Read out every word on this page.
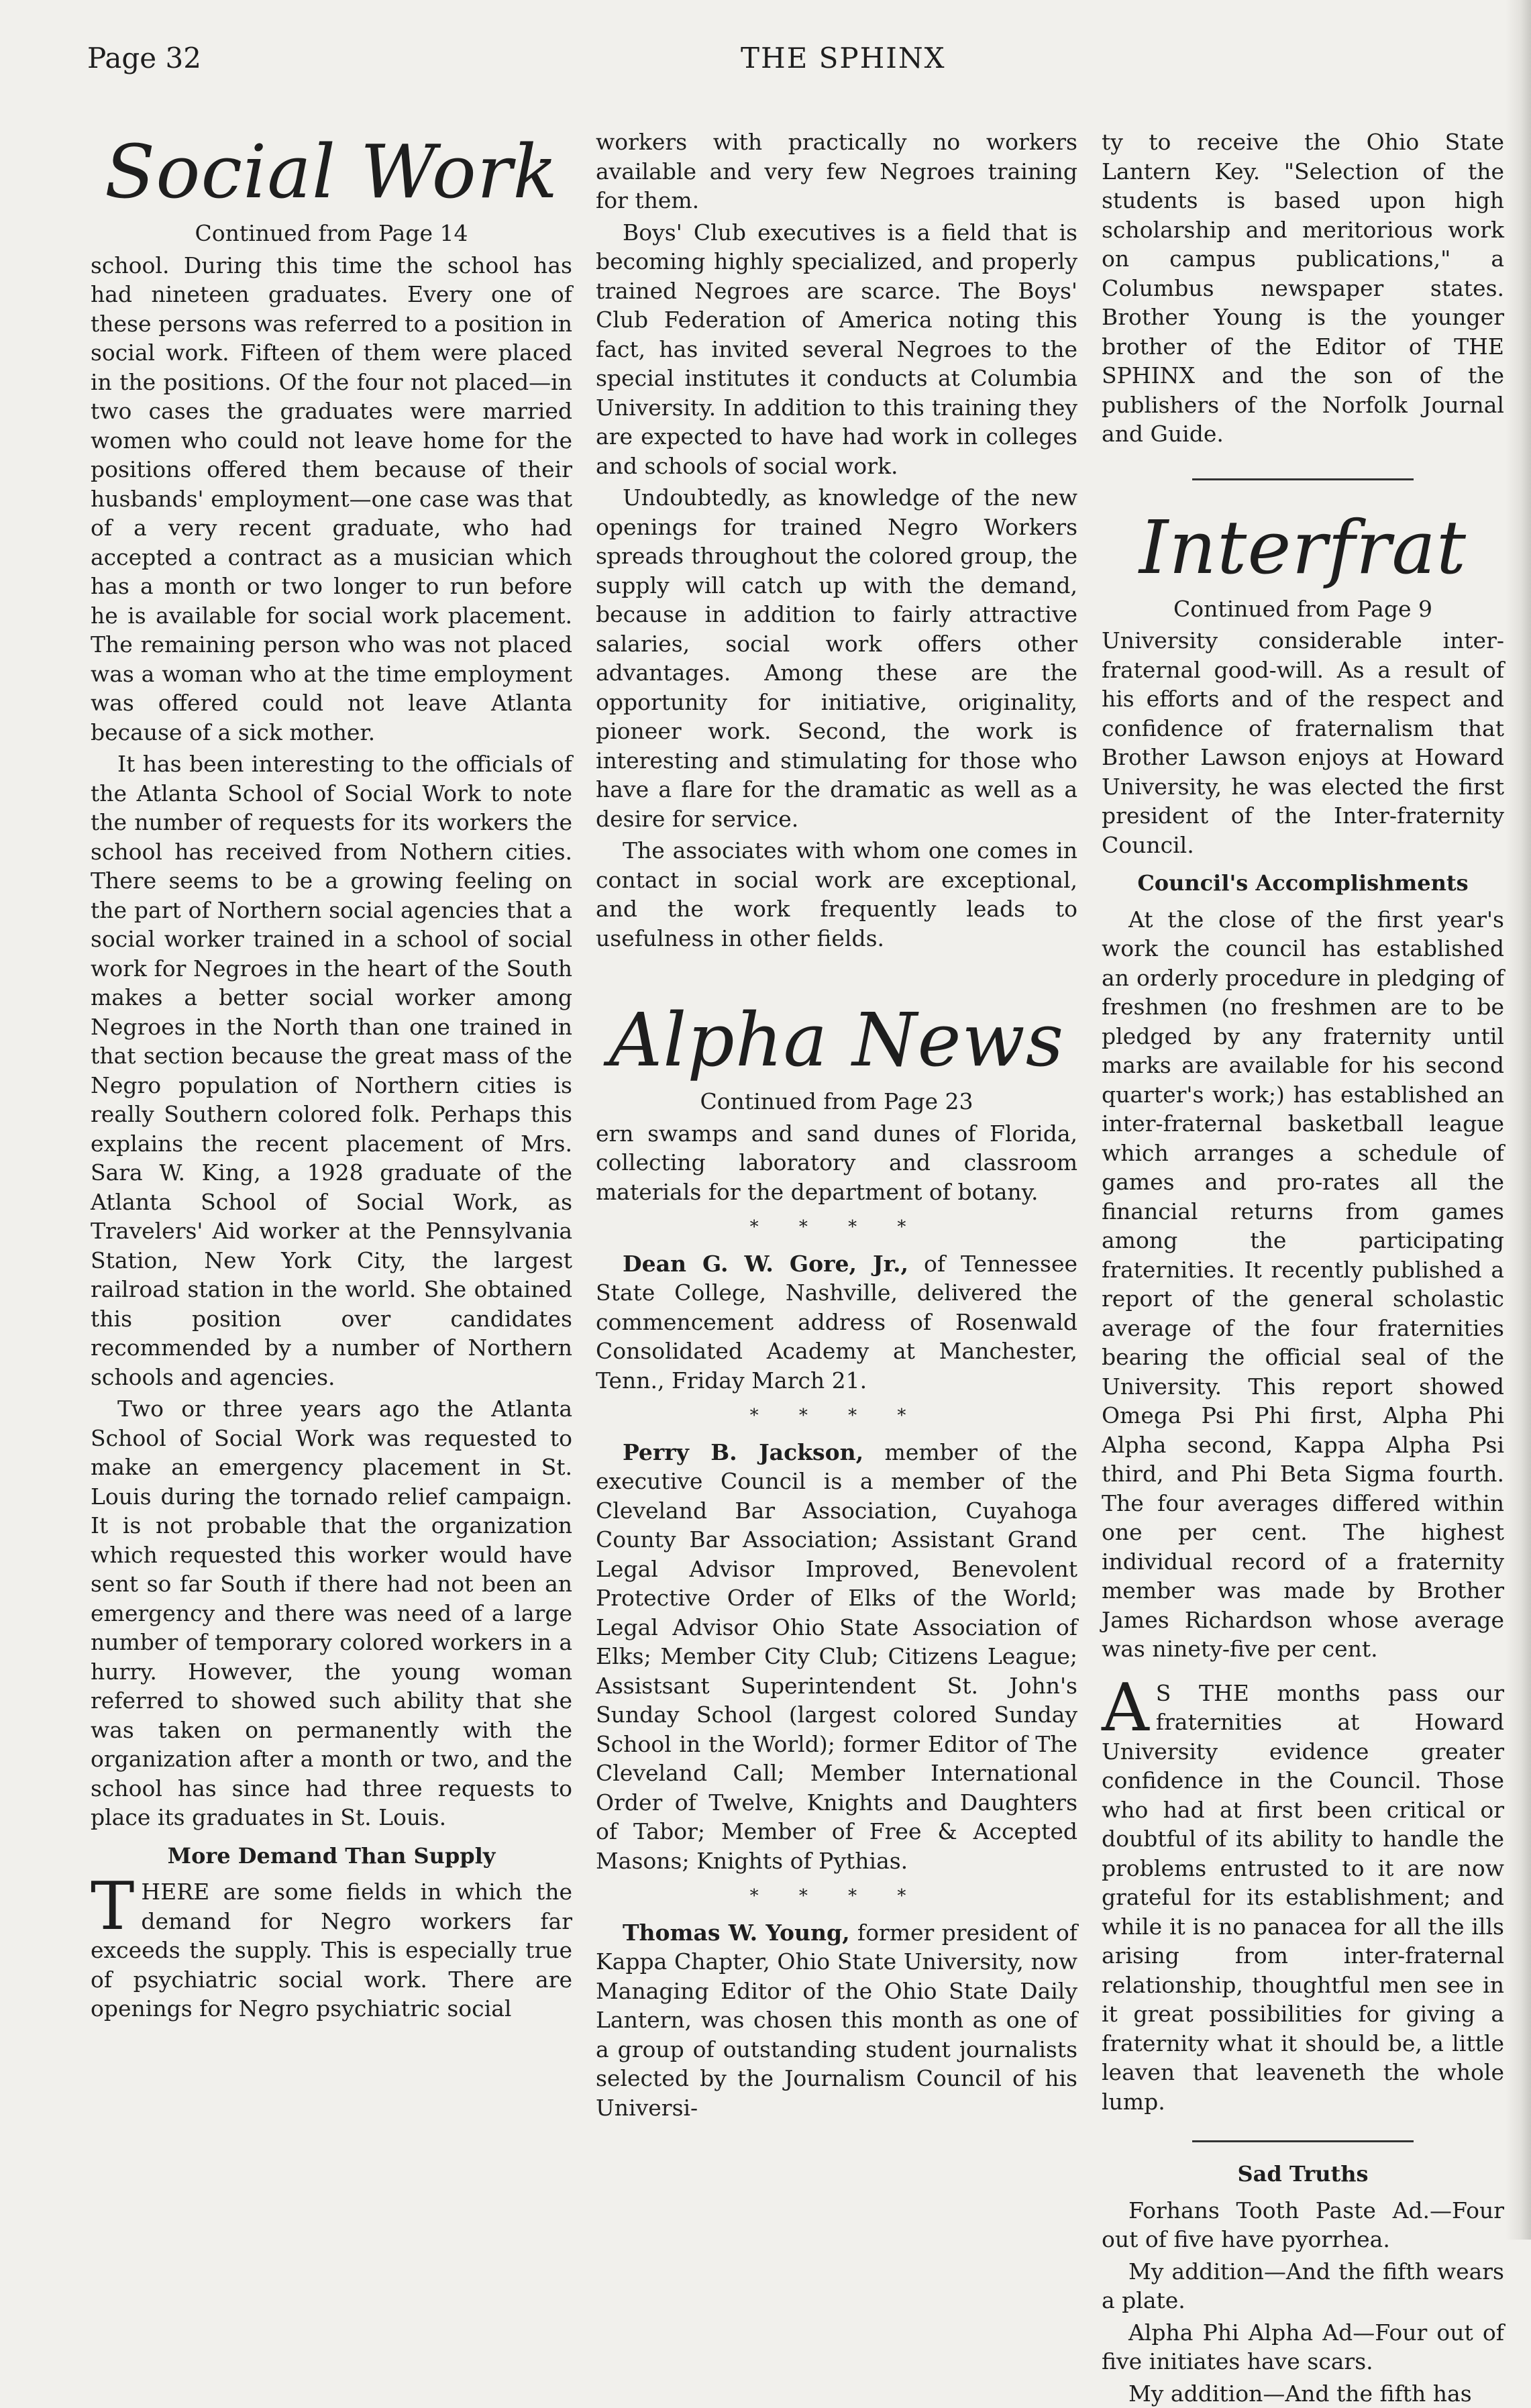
Page 32	THE SPHINX
Social Work

Continued from Page 14

school. During this time the school has had nineteen graduates. Every one of these persons was referred to a position in social work. Fifteen of them were placed in the positions. Of the four not placed—in two cases the graduates were married women who could not leave home for the positions offered them because of their husbands' employment—one case was that of a very recent graduate, who had accepted a contract as a musician which has a month or two longer to run before he is available for social work placement. The remaining person who was not placed was a woman who at the time employment was offered could not leave Atlanta because of a sick mother.

It has been interesting to the officials of the Atlanta School of Social Work to note the number of requests for its workers the school has received from Nothern cities. There seems to be a growing feeling on the part of Northern social agencies that a social worker trained in a school of social work for Negroes in the heart of the South makes a better social worker among Negroes in the North than one trained in that section because the great mass of the Negro population of Northern cities is really Southern colored folk. Perhaps this explains the recent placement of Mrs. Sara W. King, a 1928 graduate of the Atlanta School of Social Work, as Travelers' Aid worker at the Pennsylvania Station, New York City, the largest railroad station in the world. She obtained this position over candidates recommended by a number of Northern schools and agencies.

Two or three years ago the Atlanta School of Social Work was requested to make an emergency placement in St. Louis during the tornado relief campaign. It is not probable that the organization which requested this worker would have sent so far South if there had not been an emergency and there was need of a large number of temporary colored workers in a hurry. However, the young woman referred to showed such ability that she was taken on permanently with the organization after a month or two, and the school has since had three requests to place its graduates in St. Louis.

More Demand Than Supply

THERE are some fields in which the demand for Negro workers far exceeds the supply. This is especially true of psychiatric social work. There are openings for Negro psychiatric social

workers with practically no workers available and very few Negroes training for them.

Boys' Club executives is a field that is becoming highly specialized, and properly trained Negroes are scarce. The Boys' Club Federation of America noting this fact, has invited several Negroes to the special institutes it conducts at Columbia University. In addition to this training they are expected to have had work in colleges and schools of social work.

Undoubtedly, as knowledge of the new openings for trained Negro Workers spreads throughout the colored group, the supply will catch up with the demand, because in addition to fairly attractive salaries, social work offers other advantages. Among these are the opportunity for initiative, originality, pioneer work. Second, the work is interesting and stimulating for those who have a flare for the dramatic as well as a desire for service.

The associates with whom one comes in contact in social work are exceptional, and the work frequently leads to usefulness in other fields.

Alpha News

Continued from Page 23

ern swamps and sand dunes of Florida, collecting laboratory and classroom materials for the department of botany.

* * * *

Dean G. W. Gore, Jr., of Tennessee State College, Nashville, delivered the commencement address of Rosenwald Consolidated Academy at Manchester, Tenn., Friday March 21.

* * * *

Perry B. Jackson, member of the executive Council is a member of the Cleveland Bar Association, Cuyahoga County Bar Association; Assistant Grand Legal Advisor Improved, Benevolent Protective Order of Elks of the World; Legal Advisor Ohio State Association of Elks; Member City Club; Citizens League; Assistsant Superintendent St. John's Sunday School (largest colored Sunday School in the World); former Editor of The Cleveland Call; Member International Order of Twelve, Knights and Daughters of Tabor; Member of Free & Accepted Masons; Knights of Pythias.

* * * *

Thomas W. Young, former president of Kappa Chapter, Ohio State University, now Managing Editor of the Ohio State Daily Lantern, was chosen this month as one of a group of outstanding student journalists selected by the Journalism Council of his Universi-

ty to receive the Ohio State Lantern Key. "Selection of the students is based upon high scholarship and meritorious work on campus publications," a Columbus newspaper states. Brother Young is the younger brother of the Editor of THE SPHINX and the son of the publishers of the Norfolk Journal and Guide.

Interfrat

Continued from Page 9

University considerable inter-fraternal good-will. As a result of his efforts and of the respect and confidence of fraternalism that Brother Lawson enjoys at Howard University, he was elected the first president of the Inter-fraternity Council.

Council's Accomplishments

At the close of the first year's work the council has established an orderly procedure in pledging of freshmen (no freshmen are to be pledged by any fraternity until marks are available for his second quarter's work;) has established an inter-fraternal basketball league which arranges a schedule of games and pro-rates all the financial returns from games among the participating fraternities. It recently published a report of the general scholastic average of the four fraternities bearing the official seal of the University. This report showed Omega Psi Phi first, Alpha Phi Alpha second, Kappa Alpha Psi third, and Phi Beta Sigma fourth. The four averages differed within one per cent. The highest individual record of a fraternity member was made by Brother James Richardson whose average was ninety-five per cent.

A S THE months pass our fraternities at Howard University evidence greater confidence in the Council. Those who had at first been critical or doubtful of its ability to handle the problems entrusted to it are now grateful for its establishment; and while it is no panacea for all the ills arising from inter-fraternal relationship, thoughtful men see in it great possibilities for giving a fraternity what it should be, a little leaven that leaveneth the whole lump.

Sad Truths

Forhans Tooth Paste Ad.—Four out of five have pyorrhea.

My addition—And the fifth wears a plate.

Alpha Phi Alpha Ad—Four out of five initiates have scars.

My addition—And the fifth has
